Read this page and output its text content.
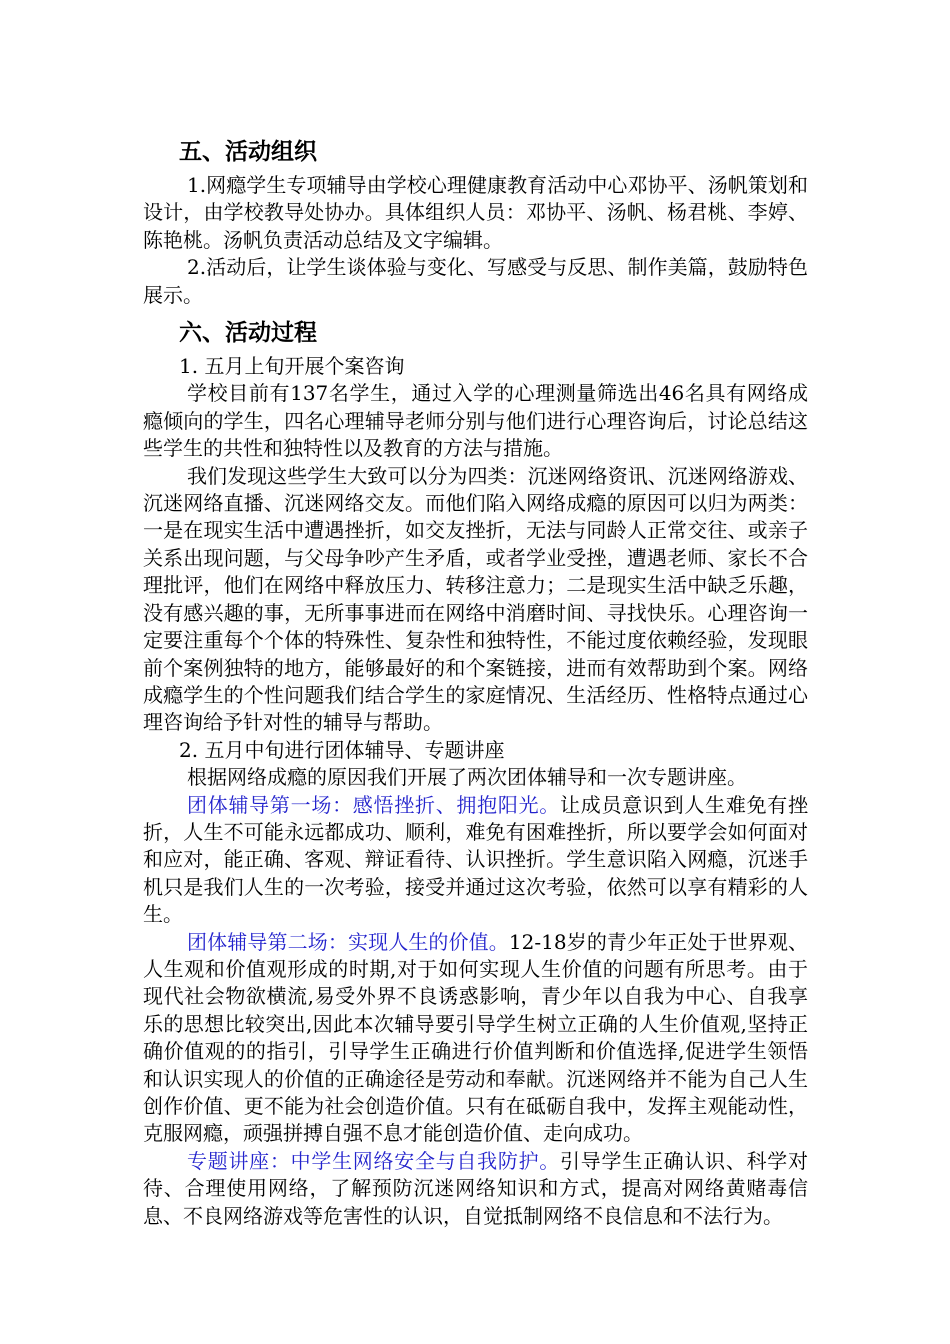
五、活动组织

1.网瘾学生专项辅导由学校心理健康教育活动中心邓协平、汤帆策划和设计，由学校教导处协办。具体组织人员：邓协平、汤帆、杨君桃、李婷、陈艳桃。汤帆负责活动总结及文字编辑。

2.活动后，让学生谈体验与变化、写感受与反思、制作美篇，鼓励特色展示。

六、活动过程

1. 五月上旬开展个案咨询

学校目前有137名学生，通过入学的心理测量筛选出46名具有网络成瘾倾向的学生，四名心理辅导老师分别与他们进行心理咨询后，讨论总结这些学生的共性和独特性以及教育的方法与措施。

我们发现这些学生大致可以分为四类：沉迷网络资讯、沉迷网络游戏、沉迷网络直播、沉迷网络交友。而他们陷入网络成瘾的原因可以归为两类：一是在现实生活中遭遇挫折，如交友挫折，无法与同龄人正常交往、或亲子关系出现问题，与父母争吵产生矛盾，或者学业受挫，遭遇老师、家长不合理批评，他们在网络中释放压力、转移注意力；二是现实生活中缺乏乐趣，没有感兴趣的事，无所事事进而在网络中消磨时间、寻找快乐。心理咨询一定要注重每个个体的特殊性、复杂性和独特性，不能过度依赖经验，发现眼前个案例独特的地方，能够最好的和个案链接，进而有效帮助到个案。网络成瘾学生的个性问题我们结合学生的家庭情况、生活经历、性格特点通过心理咨询给予针对性的辅导与帮助。

2. 五月中旬进行团体辅导、专题讲座

根据网络成瘾的原因我们开展了两次团体辅导和一次专题讲座。

团体辅导第一场：感悟挫折、拥抱阳光。让成员意识到人生难免有挫折，人生不可能永远都成功、顺利，难免有困难挫折，所以要学会如何面对和应对，能正确、客观、辩证看待、认识挫折。学生意识陷入网瘾，沉迷手机只是我们人生的一次考验，接受并通过这次考验，依然可以享有精彩的人生。

团体辅导第二场：实现人生的价值。12-18岁的青少年正处于世界观、人生观和价值观形成的时期,对于如何实现人生价值的问题有所思考。由于现代社会物欲横流,易受外界不良诱惑影响，青少年以自我为中心、自我享乐的思想比较突出,因此本次辅导要引导学生树立正确的人生价值观,坚持正确价值观的的指引，引导学生正确进行价值判断和价值选择,促进学生领悟和认识实现人的价值的正确途径是劳动和奉献。沉迷网络并不能为自己人生创作价值、更不能为社会创造价值。只有在砥砺自我中，发挥主观能动性，克服网瘾，顽强拼搏自强不息才能创造价值、走向成功。

专题讲座：中学生网络安全与自我防护。引导学生正确认识、科学对待、合理使用网络，了解预防沉迷网络知识和方式，提高对网络黄赌毒信息、不良网络游戏等危害性的认识，自觉抵制网络不良信息和不法行为。
